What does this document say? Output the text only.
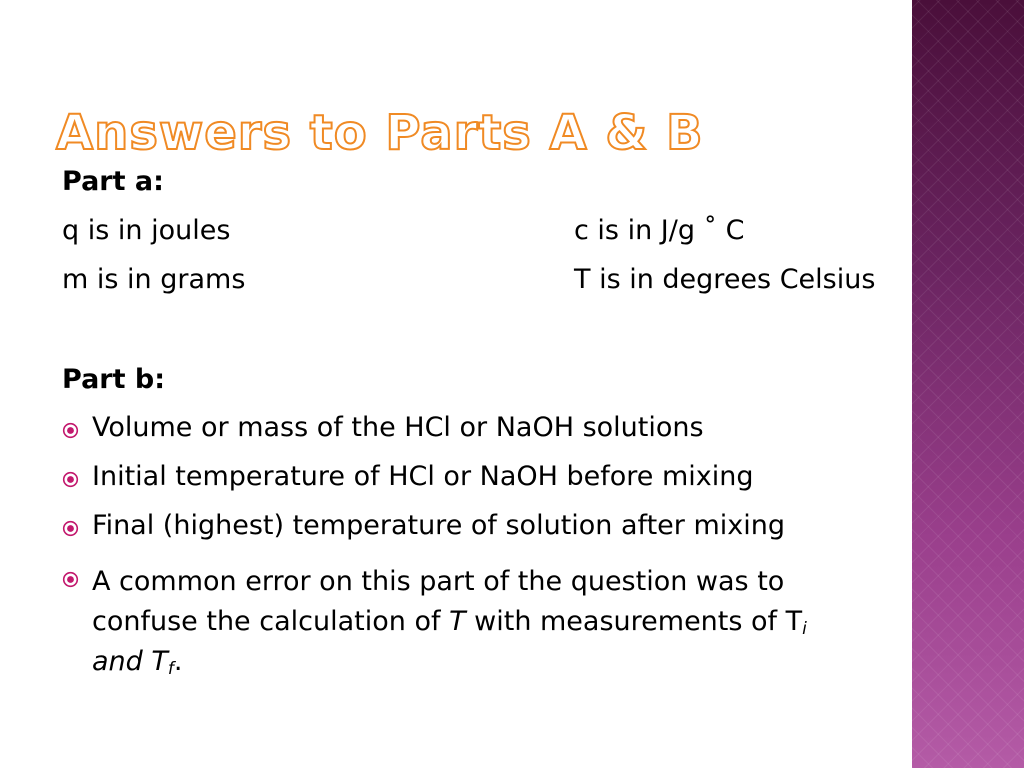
Answers to Parts A & B

Part a:

q is in joules	c is in J/g ˚ C

m is in grams	T is in degrees Celsius

Part b:

Volume or mass of the HCl or NaOH solutions

Initial temperature of HCl or NaOH before mixing

Final (highest) temperature of solution after mixing

A common error on this part of the question was to
confuse the calculation of T with measurements of $T_i$
and $T_f$.
